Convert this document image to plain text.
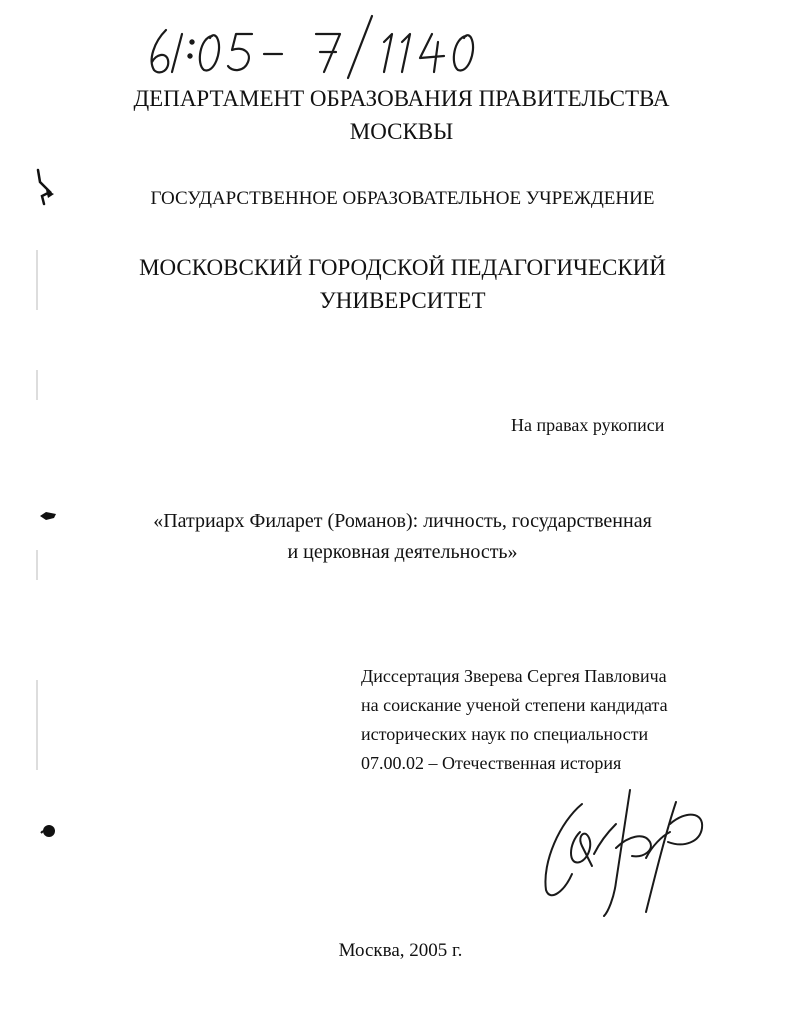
ДЕПАРТАМЕНТ ОБРАЗОВАНИЯ ПРАВИТЕЛЬСТВА
МОСКВЫ
ГОСУДАРСТВЕННОЕ ОБРАЗОВАТЕЛЬНОЕ УЧРЕЖДЕНИЕ
МОСКОВСКИЙ ГОРОДСКОЙ ПЕДАГОГИЧЕСКИЙ
УНИВЕРСИТЕТ
На правах рукописи
«Патриарх Филарет (Романов): личность, государственная
и церковная деятельность»
Диссертация Зверева Сергея Павловича
на соискание ученой степени кандидата
исторических наук по специальности
07.00.02 – Отечественная история
Москва, 2005 г.
